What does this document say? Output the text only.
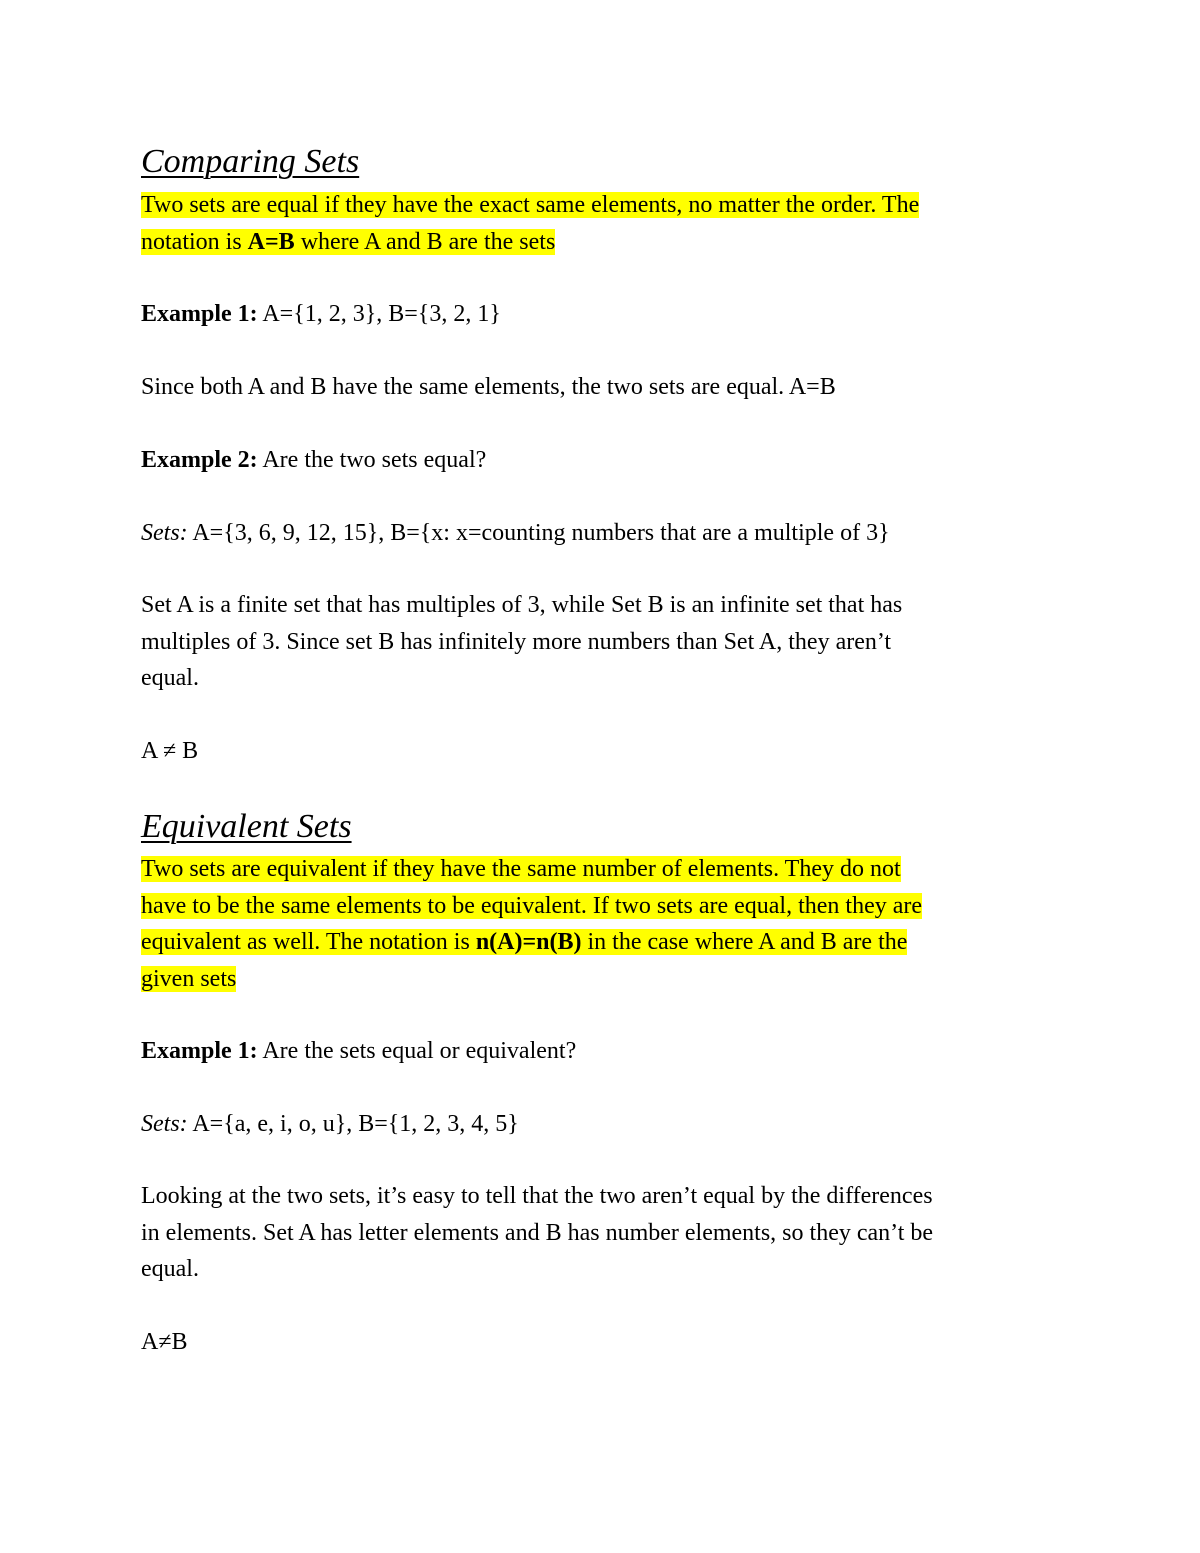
Comparing Sets
Two sets are equal if they have the exact same elements, no matter the order. The
notation is A=B where A and B are the sets
Example 1: A={1, 2, 3}, B={3, 2, 1}
Since both A and B have the same elements, the two sets are equal. A=B
Example 2: Are the two sets equal?
Sets: A={3, 6, 9, 12, 15}, B={x: x=counting numbers that are a multiple of 3}
Set A is a finite set that has multiples of 3, while Set B is an infinite set that has
multiples of 3. Since set B has infinitely more numbers than Set A, they aren’t
equal.
A ≠ B
Equivalent Sets
Two sets are equivalent if they have the same number of elements. They do not
have to be the same elements to be equivalent. If two sets are equal, then they are
equivalent as well. The notation is n(A)=n(B) in the case where A and B are the
given sets
Example 1: Are the sets equal or equivalent?
Sets: A={a, e, i, o, u}, B={1, 2, 3, 4, 5}
Looking at the two sets, it’s easy to tell that the two aren’t equal by the differences
in elements. Set A has letter elements and B has number elements, so they can’t be
equal.
A≠B
